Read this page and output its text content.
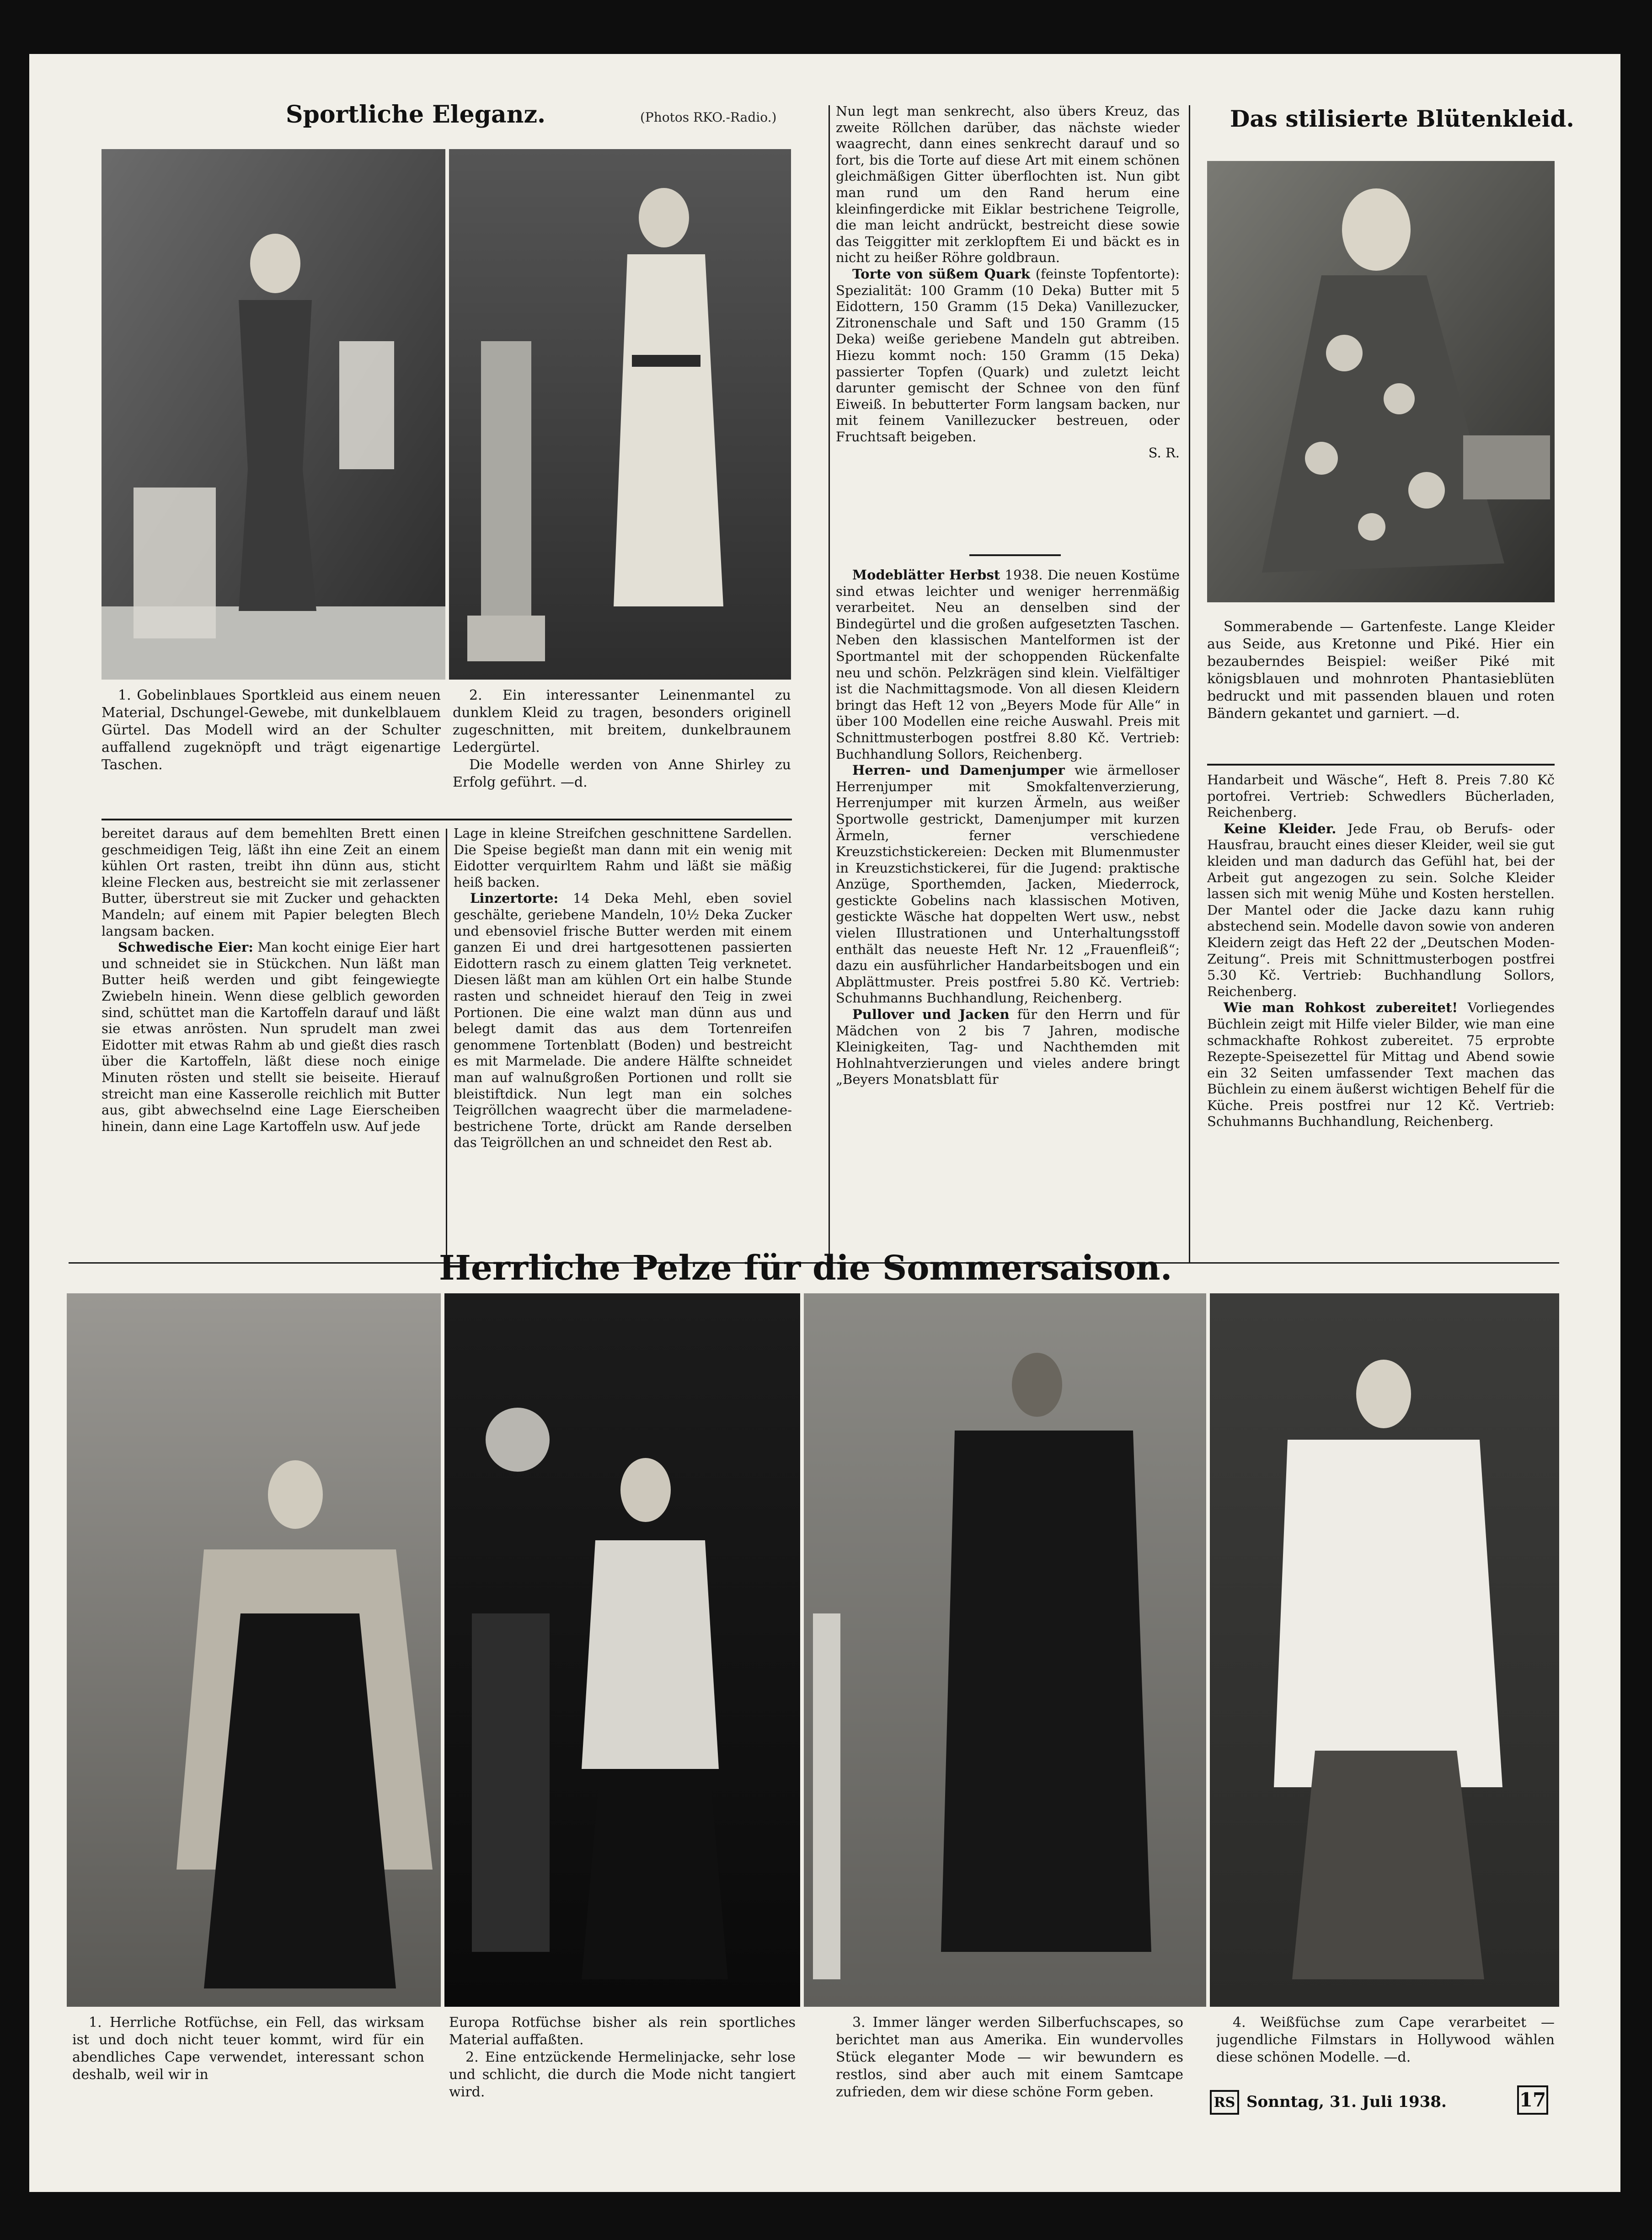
Sportliche Eleganz.	(Photos RKO.-Radio.)	Das stilisierte Blütenkleid.

1. Gobelinblaues Sportkleid aus einem neuen Material, Dschungel-Gewebe, mit dunkelblauem Gürtel. Das Modell wird an der Schulter auffallend zugeknöpft und trägt eigenartige Taschen.

2. Ein interessanter Leinenmantel zu dunklem Kleid zu tragen, besonders originell zugeschnitten, mit breitem, dunkelbraunem Ledergürtel.

Die Modelle werden von Anne Shirley zu Erfolg geführt. —d.

bereitet daraus auf dem bemehlten Brett einen geschmeidigen Teig, läßt ihn eine Zeit an einem kühlen Ort rasten, treibt ihn dünn aus, sticht kleine Flecken aus, bestreicht sie mit zerlassener Butter, überstreut sie mit Zucker und gehackten Mandeln; auf einem mit Papier belegten Blech langsam backen.

Schwedische Eier: Man kocht einige Eier hart und schneidet sie in Stückchen. Nun läßt man Butter heiß werden und gibt feingewiegte Zwiebeln hinein. Wenn diese gelblich geworden sind, schüttet man die Kartoffeln darauf und läßt sie etwas anrösten. Nun sprudelt man zwei Eidotter mit etwas Rahm ab und gießt dies rasch über die Kartoffeln, läßt diese noch einige Minuten rösten und stellt sie beiseite. Hierauf streicht man eine Kasserolle reichlich mit Butter aus, gibt abwechselnd eine Lage Eierscheiben hinein, dann eine Lage Kartoffeln usw. Auf jede

Lage in kleine Streifchen geschnittene Sardellen. Die Speise begießt man dann mit ein wenig mit Eidotter verquirltem Rahm und läßt sie mäßig heiß backen.

Linzertorte: 14 Deka Mehl, eben soviel geschälte, geriebene Mandeln, 10½ Deka Zucker und ebensoviel frische Butter werden mit einem ganzen Ei und drei hartgesottenen passierten Eidottern rasch zu einem glatten Teig verknetet. Diesen läßt man am kühlen Ort ein halbe Stunde rasten und schneidet hierauf den Teig in zwei Portionen. Die eine walzt man dünn aus und belegt damit das aus dem Tortenreifen genommene Tortenblatt (Boden) und bestreicht es mit Marmelade. Die andere Hälfte schneidet man auf walnußgroßen Portionen und rollt sie bleistiftdick. Nun legt man ein solches Teigröllchen waagrecht über die marmeladene-bestrichene Torte, drückt am Rande derselben das Teigröllchen an und schneidet den Rest ab.

Nun legt man senkrecht, also übers Kreuz, das zweite Röllchen darüber, das nächste wieder waagrecht, dann eines senkrecht darauf und so fort, bis die Torte auf diese Art mit einem schönen gleichmäßigen Gitter überflochten ist. Nun gibt man rund um den Rand herum eine kleinfingerdicke mit Eiklar bestrichene Teigrolle, die man leicht andrückt, bestreicht diese sowie das Teiggitter mit zerklopftem Ei und bäckt es in nicht zu heißer Röhre goldbraun.

Torte von süßem Quark (feinste Topfentorte): Spezialität: 100 Gramm (10 Deka) Butter mit 5 Eidottern, 150 Gramm (15 Deka) Vanillezucker, Zitronenschale und Saft und 150 Gramm (15 Deka) weiße geriebene Mandeln gut abtreiben. Hiezu kommt noch: 150 Gramm (15 Deka) passierter Topfen (Quark) und zuletzt leicht darunter gemischt der Schnee von den fünf Eiweiß. In bebutterter Form langsam backen, nur mit feinem Vanillezucker bestreuen, oder Fruchtsaft beigeben.

S. R.

Modeblätter Herbst 1938. Die neuen Kostüme sind etwas leichter und weniger herrenmäßig verarbeitet. Neu an denselben sind der Bindegürtel und die großen aufgesetzten Taschen. Neben den klassischen Mantelformen ist der Sportmantel mit der schoppenden Rückenfalte neu und schön. Pelzkrägen sind klein. Vielfältiger ist die Nachmittagsmode. Von all diesen Kleidern bringt das Heft 12 von „Beyers Mode für Alle“ in über 100 Modellen eine reiche Auswahl. Preis mit Schnittmusterbogen postfrei 8.80 Kč. Vertrieb: Buchhandlung Sollors, Reichenberg.

Herren- und Damenjumper wie ärmelloser Herrenjumper mit Smokfaltenverzierung, Herrenjumper mit kurzen Ärmeln, aus weißer Sportwolle gestrickt, Damenjumper mit kurzen Ärmeln, ferner verschiedene Kreuzstichstickereien: Decken mit Blumenmuster in Kreuzstichstickerei, für die Jugend: praktische Anzüge, Sporthemden, Jacken, Miederrock, gestickte Gobelins nach klassischen Motiven, gestickte Wäsche hat doppelten Wert usw., nebst vielen Illustrationen und Unterhaltungsstoff enthält das neueste Heft Nr. 12 „Frauenfleiß“; dazu ein ausführlicher Handarbeitsbogen und ein Abplättmuster. Preis postfrei 5.80 Kč. Vertrieb: Schuhmanns Buchhandlung, Reichenberg.

Pullover und Jacken für den Herrn und für Mädchen von 2 bis 7 Jahren, modische Kleinigkeiten, Tag- und Nachthemden mit Hohlnahtverzierungen und vieles andere bringt „Beyers Monatsblatt für

Sommerabende — Gartenfeste. Lange Kleider aus Seide, aus Kretonne und Piké. Hier ein bezauberndes Beispiel: weißer Piké mit königsblauen und mohnroten Phantasieblüten bedruckt und mit passenden blauen und roten Bändern gekantet und garniert. —d.

Handarbeit und Wäsche“, Heft 8. Preis 7.80 Kč portofrei. Vertrieb: Schwedlers Bücherladen, Reichenberg.

Keine Kleider. Jede Frau, ob Berufs- oder Hausfrau, braucht eines dieser Kleider, weil sie gut kleiden und man dadurch das Gefühl hat, bei der Arbeit gut angezogen zu sein. Solche Kleider lassen sich mit wenig Mühe und Kosten herstellen. Der Mantel oder die Jacke dazu kann ruhig abstechend sein. Modelle davon sowie von anderen Kleidern zeigt das Heft 22 der „Deutschen Moden-Zeitung“. Preis mit Schnittmusterbogen postfrei 5.30 Kč. Vertrieb: Buchhandlung Sollors, Reichenberg.

Wie man Rohkost zubereitet! Vorliegendes Büchlein zeigt mit Hilfe vieler Bilder, wie man eine schmackhafte Rohkost zubereitet. 75 erprobte Rezepte-Speisezettel für Mittag und Abend sowie ein 32 Seiten umfassender Text machen das Büchlein zu einem äußerst wichtigen Behelf für die Küche. Preis postfrei nur 12 Kč. Vertrieb: Schuhmanns Buchhandlung, Reichenberg.

Herrliche Pelze für die Sommersaison.

1. Herrliche Rotfüchse, ein Fell, das wirksam ist und doch nicht teuer kommt, wird für ein abendliches Cape verwendet, interessant schon deshalb, weil wir in

Europa Rotfüchse bisher als rein sportliches Material auffaßten.

2. Eine entzückende Hermelinjacke, sehr lose und schlicht, die durch die Mode nicht tangiert wird.

3. Immer länger werden Silberfuchscapes, so berichtet man aus Amerika. Ein wundervolles Stück eleganter Mode — wir bewundern es restlos, sind aber auch mit einem Samtcape zufrieden, dem wir diese schöne Form geben.

4. Weißfüchse zum Cape verarbeitet — jugendliche Filmstars in Hollywood wählen diese schönen Modelle. —d.

RS Sonntag, 31. Juli 1938.	17
